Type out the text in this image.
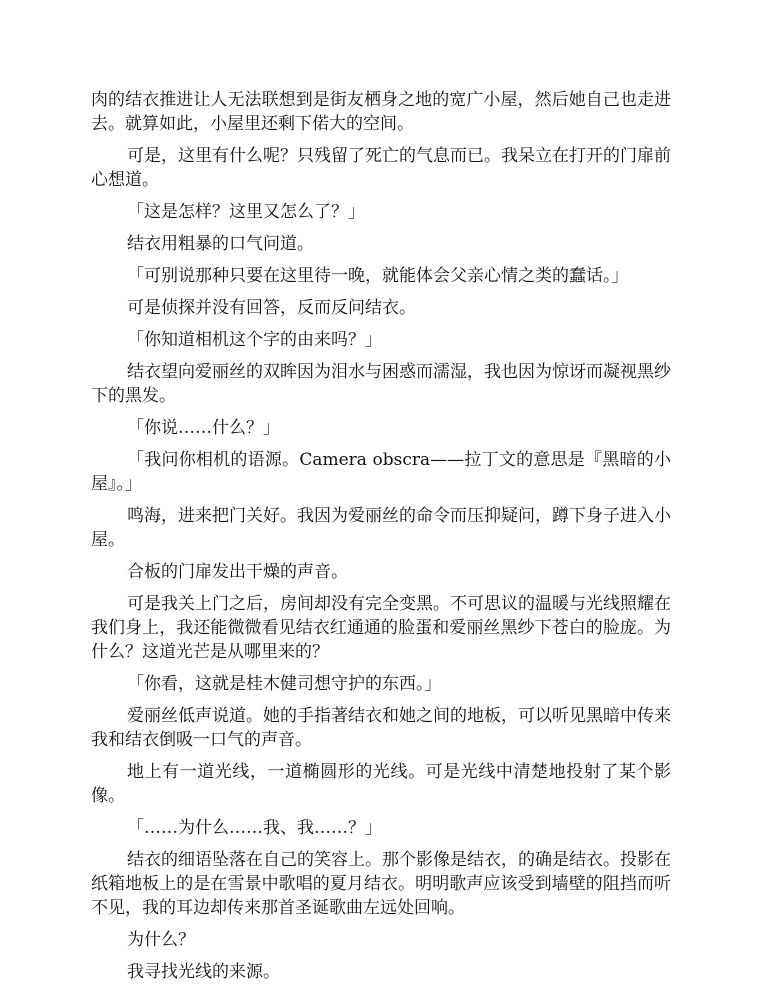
肉的结衣推进让人无法联想到是街友栖身之地的宽广小屋，然后她自己也走进去。就算如此，小屋里还剩下偌大的空间。

可是，这里有什么呢？只残留了死亡的气息而已。我呆立在打开的门扉前心想道。

「这是怎样？这里又怎么了？」

结衣用粗暴的口气问道。

「可别说那种只要在这里待一晚，就能体会父亲心情之类的蠢话。」

可是侦探并没有回答，反而反问结衣。

「你知道相机这个字的由来吗？」

结衣望向爱丽丝的双眸因为泪水与困惑而濡湿，我也因为惊讶而凝视黑纱下的黑发。

「你说……什么？」

「我问你相机的语源。Camera obscra——拉丁文的意思是『黑暗的小屋』。」

鸣海，进来把门关好。我因为爱丽丝的命令而压抑疑问，蹲下身子进入小屋。

合板的门扉发出干燥的声音。

可是我关上门之后，房间却没有完全变黑。不可思议的温暖与光线照耀在我们身上，我还能微微看见结衣红通通的脸蛋和爱丽丝黑纱下苍白的脸庞。为什么？这道光芒是从哪里来的？

「你看，这就是桂木健司想守护的东西。」

爱丽丝低声说道。她的手指著结衣和她之间的地板，可以听见黑暗中传来我和结衣倒吸一口气的声音。

地上有一道光线，一道椭圆形的光线。可是光线中清楚地投射了某个影像。

「……为什么……我、我……？」

结衣的细语坠落在自己的笑容上。那个影像是结衣，的确是结衣。投影在纸箱地板上的是在雪景中歌唱的夏月结衣。明明歌声应该受到墙壁的阻挡而听不见，我的耳边却传来那首圣诞歌曲左远处回响。

为什么？

我寻找光线的来源。
